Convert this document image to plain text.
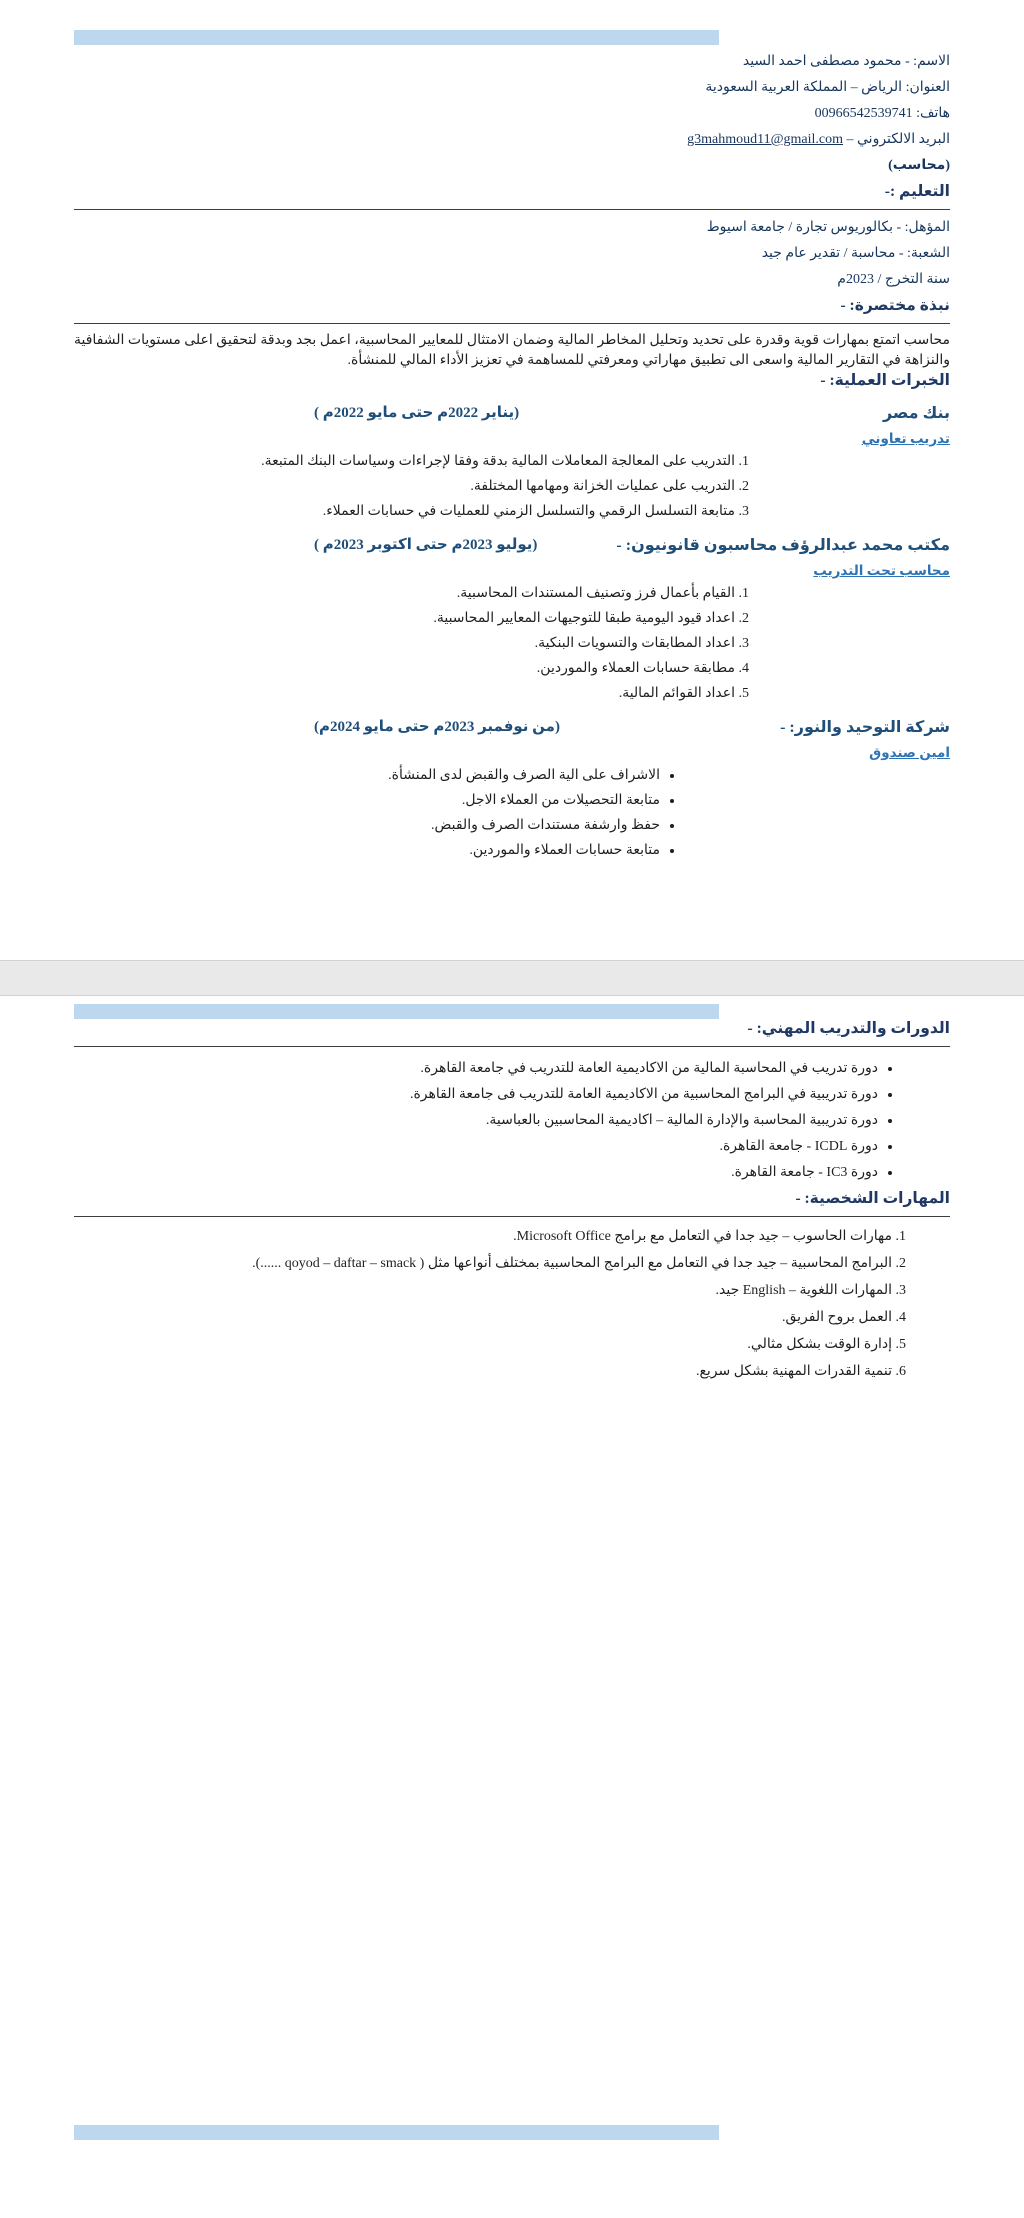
الاسم: - محمود مصطفى احمد السيد

العنوان: الرياض – المملكة العربية السعودية

هاتف: 00966542539741

البريد الالكتروني – g3mahmoud11@gmail.com

(محاسب)

التعليم :-

المؤهل: - بكالوريوس تجارة / جامعة اسيوط

الشعبة: - محاسبة / تقدير عام جيد

سنة التخرج / 2023م

نبذة مختصرة: -

محاسب اتمتع بمهارات قوية وقدرة على تحديد وتحليل المخاطر المالية وضمان الامتثال للمعايير المحاسبية، اعمل بجد وبدقة لتحقيق اعلى مستويات الشفافية والنزاهة في التقارير المالية واسعى الى تطبيق مهاراتي ومعرفتي للمساهمة في تعزيز الأداء المالي للمنشأة.

الخبرات العملية: -
بنك مصر
(يناير 2022م حتى مايو 2022م )

تدريب تعاوني

1. التدريب على المعالجة المعاملات المالية بدقة وفقا لإجراءات وسياسات البنك المتبعة.
2. التدريب على عمليات الخزانة ومهامها المختلفة.
3. متابعة التسلسل الرقمي والتسلسل الزمني للعمليات في حسابات العملاء.
مكتب محمد عبدالرؤف محاسبون قانونيون: -
(يوليو 2023م حتى اكتوبر 2023م )

محاسب تحت التدريب

1. القيام بأعمال فرز وتصنيف المستندات المحاسبية.
2. اعداد قيود اليومية طبقا للتوجيهات المعايير المحاسبية.
3. اعداد المطابقات والتسويات البنكية.
4. مطابقة حسابات العملاء والموردين.
5. اعداد القوائم المالية.
شركة التوحيد والنور: -
(من نوفمبر 2023م حتى مايو 2024م)

امين صندوق

• الاشراف على الية الصرف والقبض لدى المنشأة.
• متابعة التحصيلات من العملاء الاجل.
• حفظ وارشفة مستندات الصرف والقبض.
• متابعة حسابات العملاء والموردين.
الدورات والتدريب المهني: -
• دورة تدريب في المحاسبة المالية من الاكاديمية العامة للتدريب في جامعة القاهرة.
• دورة تدريبية في البرامج المحاسبية من الاكاديمية العامة للتدريب فى جامعة القاهرة.
• دورة تدريبية المحاسبة والإدارة المالية – اكاديمية المحاسبين بالعباسية.
• دورة ICDL - جامعة القاهرة.
• دورة IC3 - جامعة القاهرة.
المهارات الشخصية: -
1. مهارات الحاسوب – جيد جدا في التعامل مع برامج Microsoft Office.
2. البرامج المحاسبية – جيد جدا في التعامل مع البرامج المحاسبية بمختلف أنواعها مثل ( qoyod – daftar – smack ......).
3. المهارات اللغوية – English جيد.
4. العمل بروح الفريق.
5. إدارة الوقت بشكل مثالي.
6. تنمية القدرات المهنية بشكل سريع.
